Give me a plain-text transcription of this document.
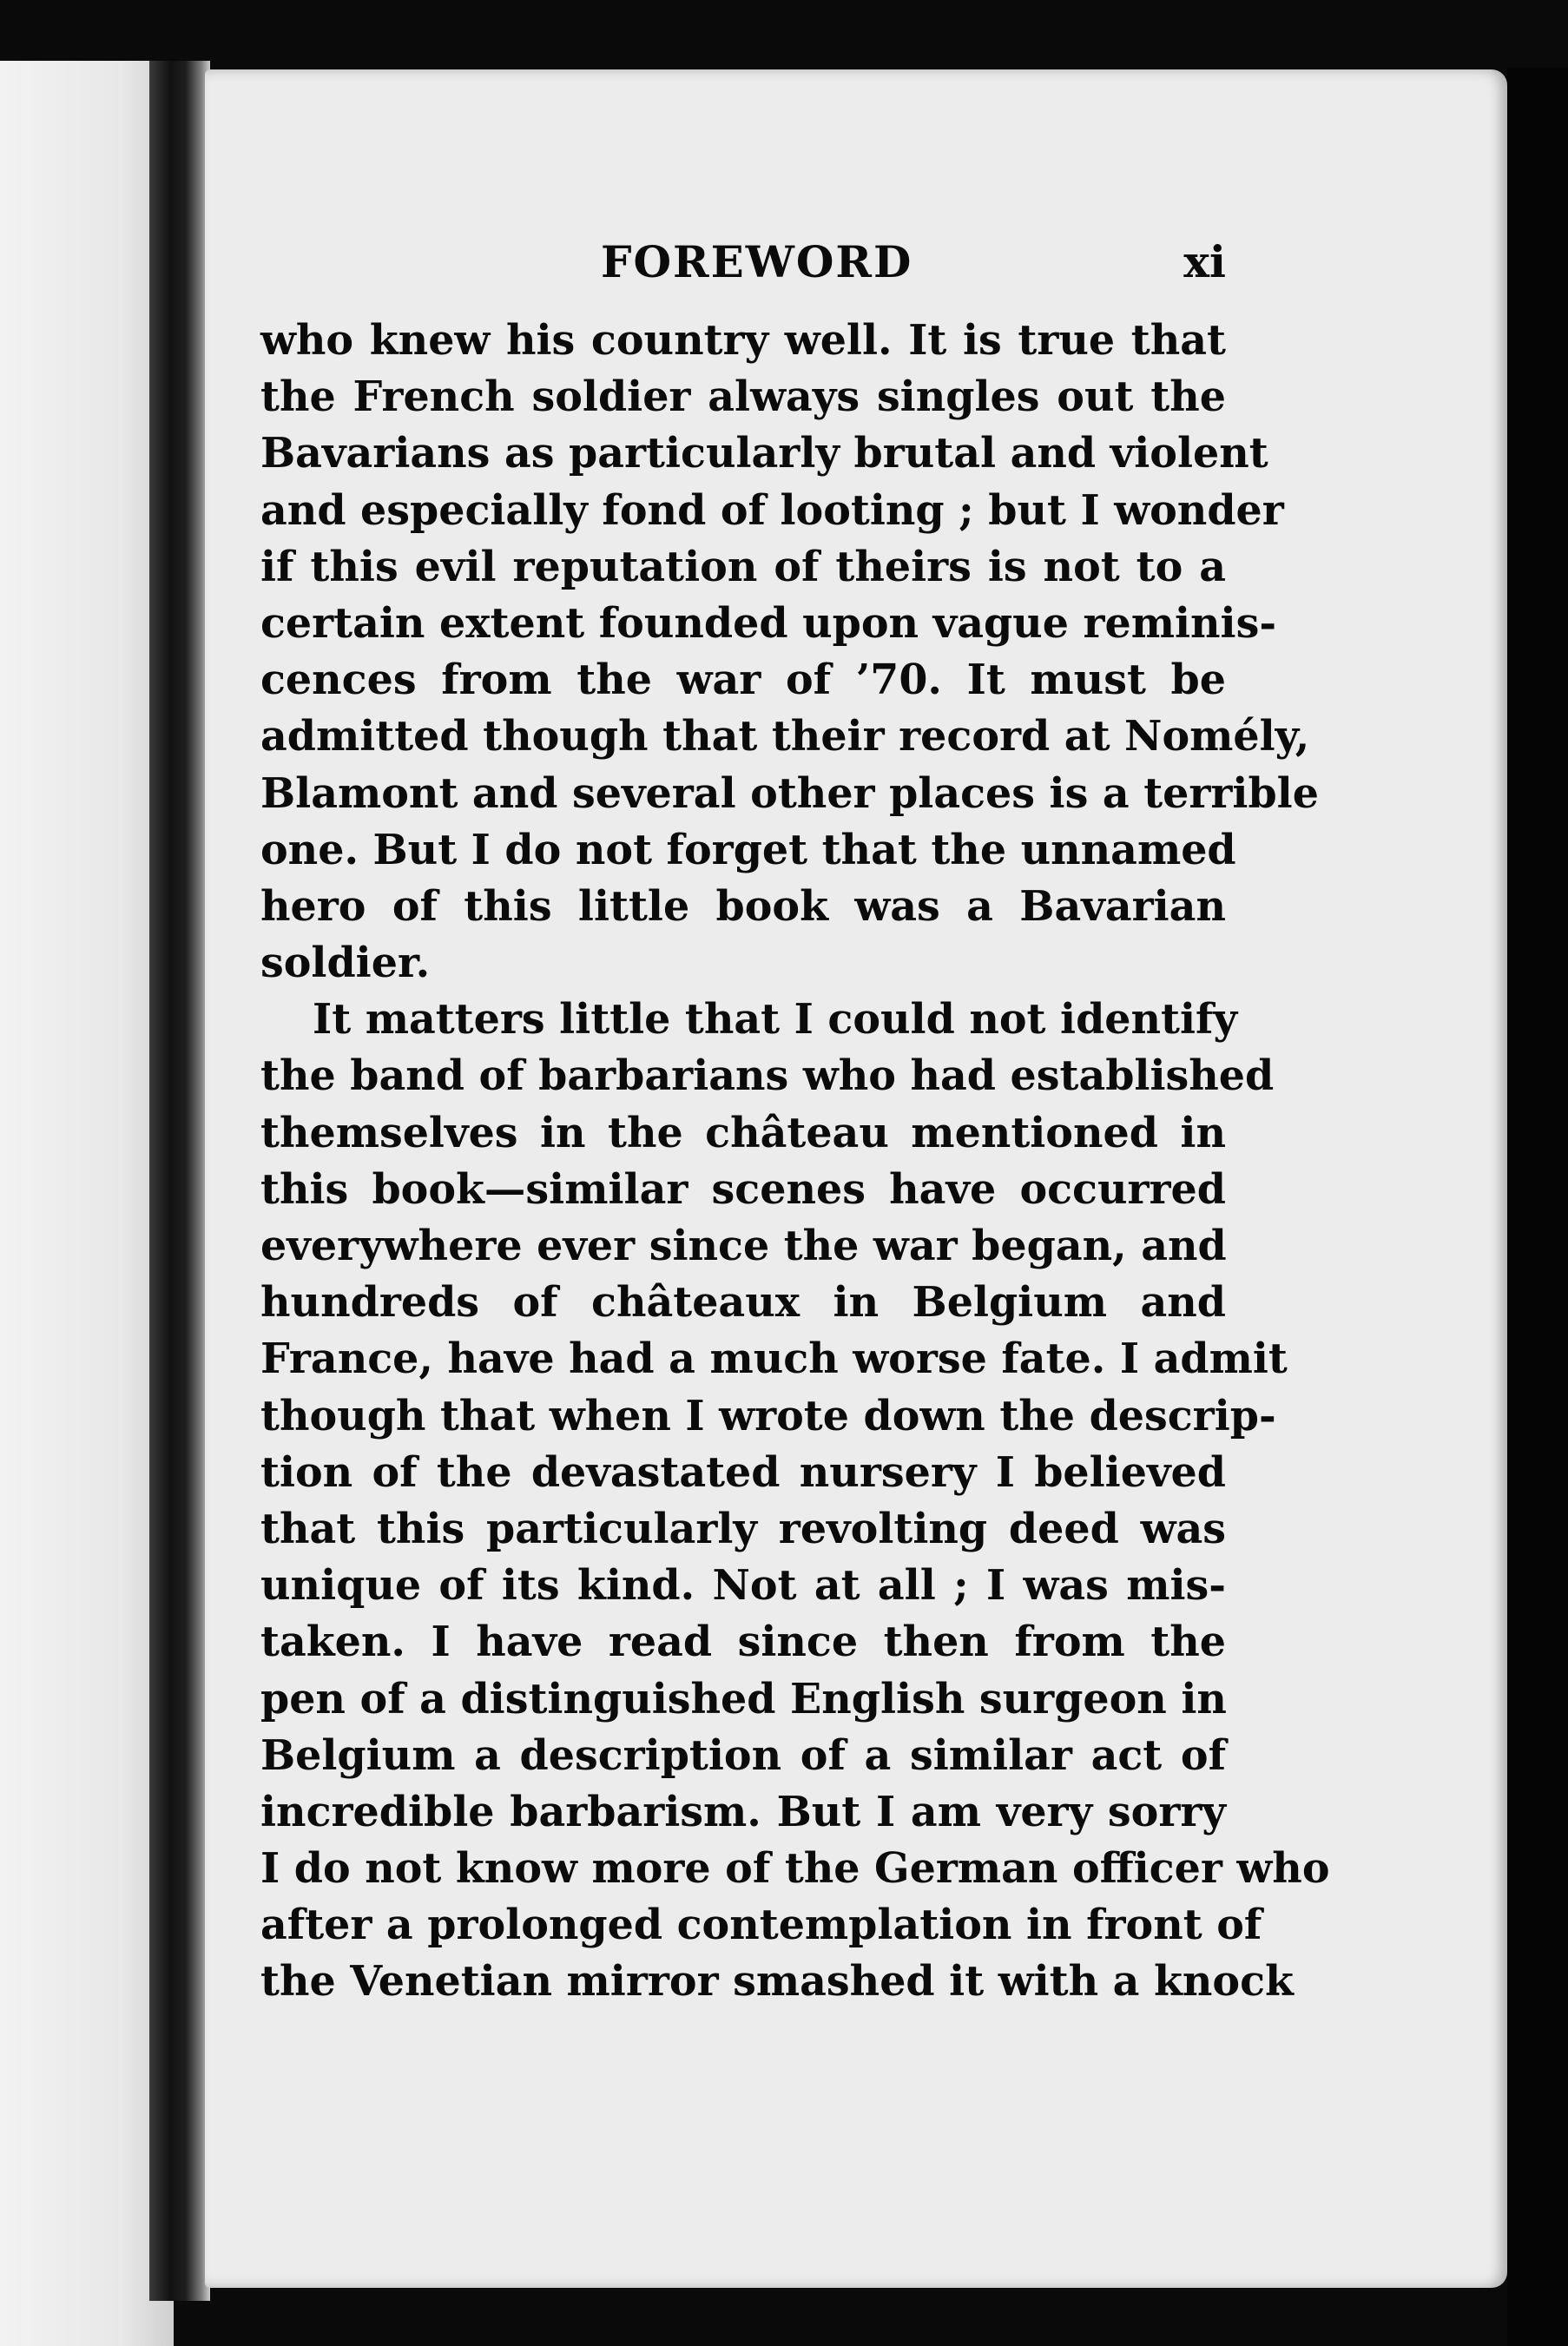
FOREWORD	xi
who knew his country well. It is true that
the French soldier always singles out the
Bavarians as particularly brutal and violent
and especially fond of looting ; but I wonder
if this evil reputation of theirs is not to a
certain extent founded upon vague reminis-
cences from the war of ’70. It must be
admitted though that their record at Nomély,
Blamont and several other places is a terrible
one. But I do not forget that the unnamed
hero of this little book was a Bavarian
soldier.
It matters little that I could not identify
the band of barbarians who had established
themselves in the château mentioned in
this book—similar scenes have occurred
everywhere ever since the war began, and
hundreds of châteaux in Belgium and
France, have had a much worse fate. I admit
though that when I wrote down the descrip-
tion of the devastated nursery I believed
that this particularly revolting deed was
unique of its kind. Not at all ; I was mis-
taken. I have read since then from the
pen of a distinguished English surgeon in
Belgium a description of a similar act of
incredible barbarism. But I am very sorry
I do not know more of the German officer who
after a prolonged contemplation in front of
the Venetian mirror smashed it with a knock
